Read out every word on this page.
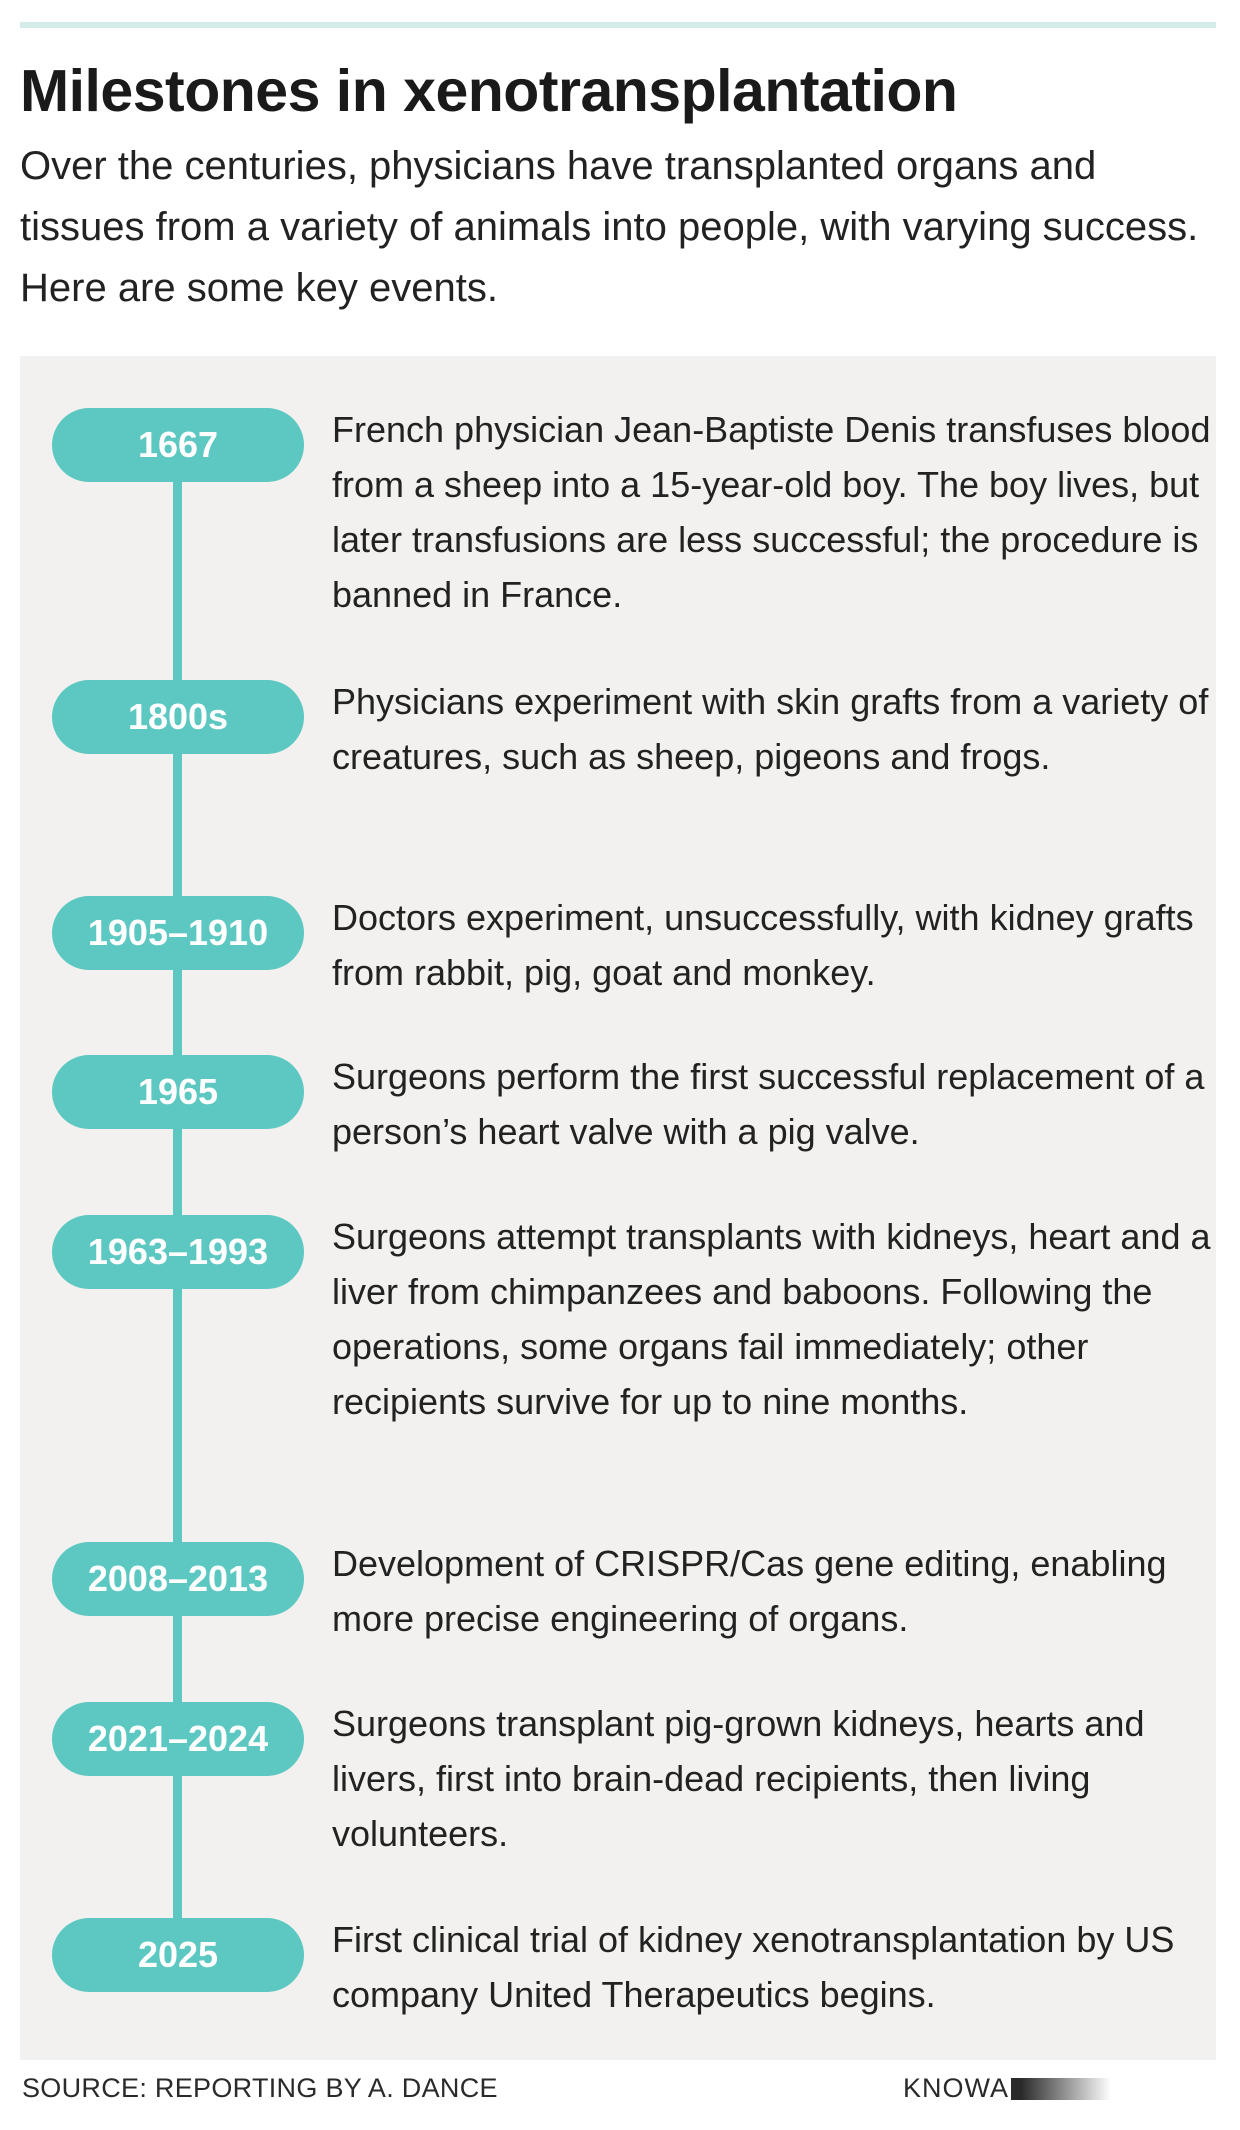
Milestones in xenotransplantation

Over the centuries, physicians have transplanted organs and tissues from a variety of animals into people, with varying success. Here are some key events.

1667	French physician Jean-Baptiste Denis transfuses blood from a sheep into a 15-year-old boy. The boy lives, but later transfusions are less successful; the procedure is banned in France.

1800s	Physicians experiment with skin grafts from a variety of creatures, such as sheep, pigeons and frogs.

1905–1910	Doctors experiment, unsuccessfully, with kidney grafts from rabbit, pig, goat and monkey.

1965	Surgeons perform the first successful replacement of a person’s heart valve with a pig valve.

1963–1993	Surgeons attempt transplants with kidneys, heart and a liver from chimpanzees and baboons. Following the operations, some organs fail immediately; other recipients survive for up to nine months.

2008–2013	Development of CRISPR/Cas gene editing, enabling more precise engineering of organs.

2021–2024	Surgeons transplant pig-grown kidneys, hearts and livers, first into brain-dead recipients, then living volunteers.

2025	First clinical trial of kidney xenotransplantation by US company United Therapeutics begins.

SOURCE: REPORTING BY A. DANCE	KNOWA
